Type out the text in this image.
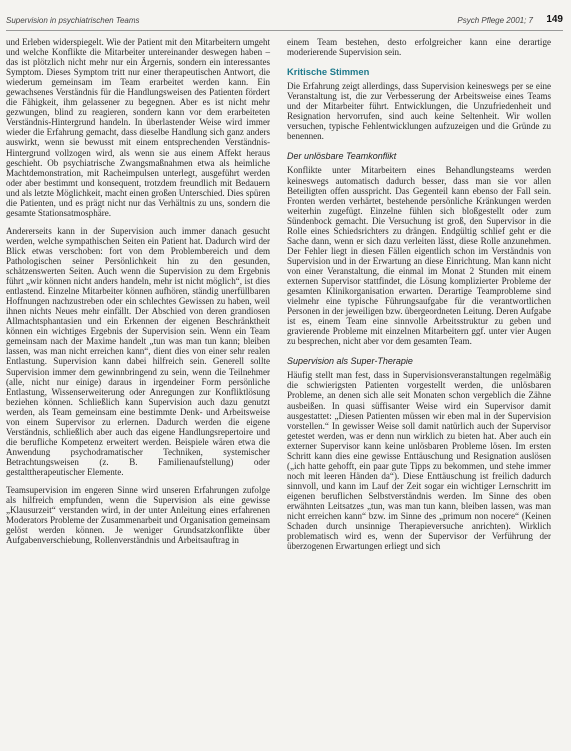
Supervision in psychiatrischen Teams	Psych Pflege 2001; 7 149

und Erleben widerspiegelt. Wie der Patient mit den Mitarbeitern umgeht und welche Konflikte die Mitarbeiter untereinander deswegen haben – das ist plötzlich nicht mehr nur ein Ärgernis, sondern ein interessantes Symptom. Dieses Symptom tritt nur einer therapeutischen Antwort, die wiederum gemeinsam im Team erarbeitet werden kann. Ein gewachsenes Verständnis für die Handlungsweisen des Patienten fördert die Fähigkeit, ihm gelassener zu begegnen. Aber es ist nicht mehr gezwungen, blind zu reagieren, sondern kann vor dem erarbeiteten Verständnis-Hintergrund handeln. In überlastender Weise wird immer wieder die Erfahrung gemacht, dass dieselbe Handlung sich ganz anders auswirkt, wenn sie bewusst mit einem entsprechenden Verständnis-Hintergrund vollzogen wird, als wenn sie aus einem Affekt heraus geschieht. Ob psychiatrische Zwangsmaßnahmen etwa als heimliche Machtdemonstration, mit Racheimpulsen unterlegt, ausgeführt werden oder aber bestimmt und konsequent, trotzdem freundlich mit Bedauern und als letzte Möglichkeit, macht einen großen Unterschied. Dies spüren die Patienten, und es prägt nicht nur das Verhältnis zu uns, sondern die gesamte Stationsatmosphäre.

Andererseits kann in der Supervision auch immer danach gesucht werden, welche sympathischen Seiten ein Patient hat. Dadurch wird der Blick etwas verschoben: fort von dem Problembereich und dem Pathologischen seiner Persönlichkeit hin zu den gesunden, schätzenswerten Seiten. Auch wenn die Supervision zu dem Ergebnis führt „wir können nicht anders handeln, mehr ist nicht möglich“, ist dies entlastend. Einzelne Mitarbeiter können aufhören, ständig unerfüllbaren Hoffnungen nachzustreben oder ein schlechtes Gewissen zu haben, weil ihnen nichts Neues mehr einfällt. Der Abschied von deren grandiosen Allmachtsphantasien und ein Erkennen der eigenen Beschränktheit können ein wichtiges Ergebnis der Supervision sein. Wenn ein Team gemeinsam nach der Maxime handelt „tun was man tun kann; bleiben lassen, was man nicht erreichen kann“, dient dies von einer sehr realen Entlastung. Supervision kann dabei hilfreich sein. Generell sollte Supervision immer dem gewinnbringend zu sein, wenn die Teilnehmer (alle, nicht nur einige) daraus in irgendeiner Form persönliche Entlastung, Wissenserweiterung oder Anregungen zur Konfliktlösung beziehen können. Schließlich kann Supervision auch dazu genutzt werden, als Team gemeinsam eine bestimmte Denk- und Arbeitsweise von einem Supervisor zu erlernen. Dadurch werden die eigene Verständnis, schließlich aber auch das eigene Handlungsrepertoire und die berufliche Kompetenz erweitert werden. Beispiele wären etwa die Anwendung psychodramatischer Techniken, systemischer Betrachtungsweisen (z. B. Familienaufstellung) oder gestalttherapeutischer Elemente.

Teamsupervision im engeren Sinne wird unseren Erfahrungen zufolge als hilfreich empfunden, wenn die Supervision als eine gewisse „Klausurzeit“ verstanden wird, in der unter Anleitung eines erfahrenen Moderators Probleme der Zusammenarbeit und Organisation gemeinsam gelöst werden können. Je weniger Grundsatzkonflikte über Aufgabenverschiebung, Rollenverständnis und Arbeitsauftrag in

einem Team bestehen, desto erfolgreicher kann eine derartige moderierende Supervision sein.

Kritische Stimmen

Die Erfahrung zeigt allerdings, dass Supervision keineswegs per se eine Veranstaltung ist, die zur Verbesserung der Arbeitsweise eines Teams und der Mitarbeiter führt. Entwicklungen, die Unzufriedenheit und Resignation hervorrufen, sind auch keine Seltenheit. Wir wollen versuchen, typische Fehlentwicklungen aufzuzeigen und die Gründe zu benennen.

Der unlösbare Teamkonflikt

Konflikte unter Mitarbeitern eines Behandlungsteams werden keineswegs automatisch dadurch besser, dass man sie vor allen Beteiligten offen ausspricht. Das Gegenteil kann ebenso der Fall sein. Fronten werden verhärtet, bestehende persönliche Kränkungen werden weiterhin zugefügt. Einzelne fühlen sich bloßgestellt oder zum Sündenbock gemacht. Die Versuchung ist groß, den Supervisor in die Rolle eines Schiedsrichters zu drängen. Endgültig schlief geht er die Sache dann, wenn er sich dazu verleiten lässt, diese Rolle anzunehmen. Der Fehler liegt in diesen Fällen eigentlich schon im Verständnis von Supervision und in der Erwartung an diese Einrichtung. Man kann nicht von einer Veranstaltung, die einmal im Monat 2 Stunden mit einem externen Supervisor stattfindet, die Lösung komplizierter Probleme der gesamten Klinikorganisation erwarten. Derartige Teamprobleme sind vielmehr eine typische Führungsaufgabe für die verantwortlichen Personen in der jeweiligen bzw. übergeordneten Leitung. Deren Aufgabe ist es, einem Team eine sinnvolle Arbeitsstruktur zu geben und gravierende Probleme mit einzelnen Mitarbeitern ggf. unter vier Augen zu besprechen, nicht aber vor dem gesamten Team.

Supervision als Super-Therapie

Häufig stellt man fest, dass in Supervisionsveranstaltungen regelmäßig die schwierigsten Patienten vorgestellt werden, die unlösbaren Probleme, an denen sich alle seit Monaten schon vergeblich die Zähne ausbeißen. In quasi süffisanter Weise wird ein Supervisor damit ausgestattet: „Diesen Patienten müssen wir eben mal in der Supervision vorstellen.“ In gewisser Weise soll damit natürlich auch der Supervisor getestet werden, was er denn nun wirklich zu bieten hat. Aber auch ein externer Supervisor kann keine unlösbaren Probleme lösen. Im ersten Schritt kann dies eine gewisse Enttäuschung und Resignation auslösen („ich hatte gehofft, ein paar gute Tipps zu bekommen, und stehe immer noch mit leeren Händen da“). Diese Enttäuschung ist freilich dadurch sinnvoll, und kann im Lauf der Zeit sogar ein wichtiger Lernschritt im eigenen beruflichen Selbstverständnis werden. Im Sinne des oben erwähnten Leitsatzes „tun, was man tun kann, bleiben lassen, was man nicht erreichen kann“ bzw. im Sinne des „primum non nocere“ (Keinen Schaden durch unsinnige Therapieversuche anrichten). Wirklich problematisch wird es, wenn der Supervisor der Verführung der überzogenen Erwartungen erliegt und sich
